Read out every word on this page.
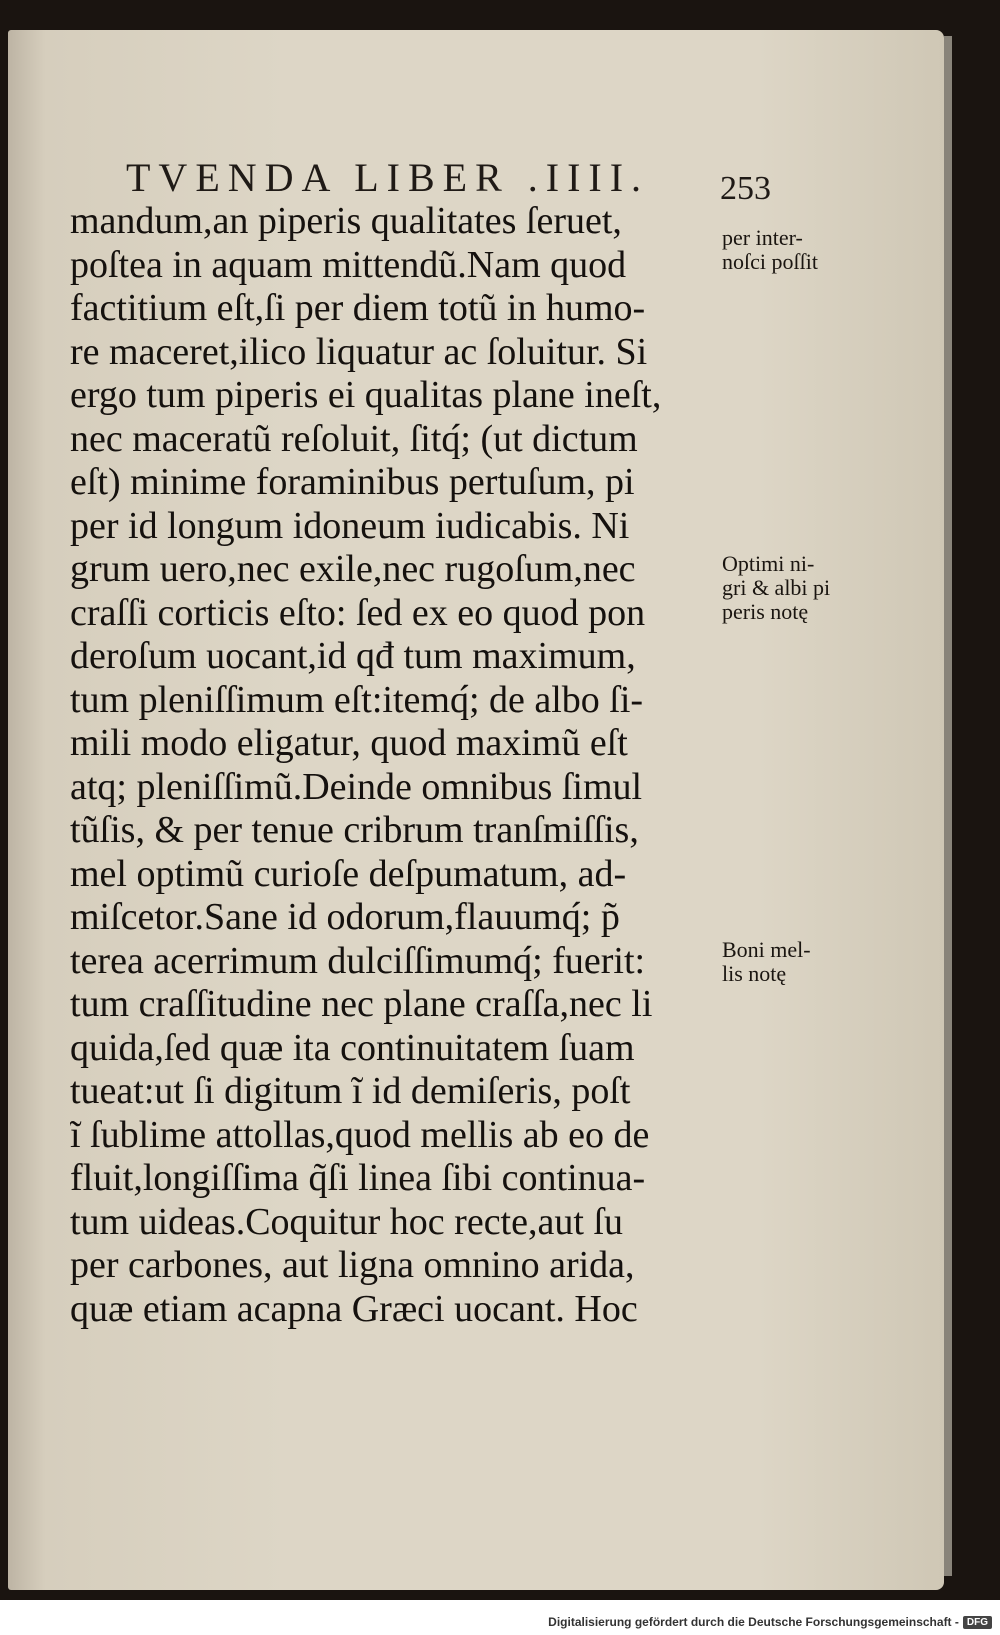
TVENDA LIBER .IIII. 253
mandum,an piperis qualitates ſeruet,
poſtea in aquam mittendũ.Nam quod
factitium eſt,ſi per diem totũ in humo-
re maceret,ilico liquatur ac ſoluitur. Si
ergo tum piperis ei qualitas plane ineſt,
nec maceratũ reſoluit, ſitq́; (ut dictum
eſt) minime foraminibus pertuſum, pi
per id longum idoneum iudicabis. Ni
grum uero,nec exile,nec rugoſum,nec
craſſi corticis eſto: ſed ex eo quod pon
deroſum uocant,id qđ tum maximum,
tum pleniſſimum eſt:itemq́; de albo ſi-
mili modo eligatur, quod maximũ eſt
atq; pleniſſimũ.Deinde omnibus ſimul
tũſis, & per tenue cribrum tranſmiſſis,
mel optimũ curioſe deſpumatum, ad-
miſcetor.Sane id odorum,flauumq́; p̃
terea acerrimum dulciſſimumq́; fuerit:
tum craſſitudine nec plane craſſa,nec li
quida,ſed quæ ita continuitatem ſuam
tueat:ut ſi digitum ĩ id demiſeris, poſt
ĩ ſublime attollas,quod mellis ab eo de
fluit,longiſſima q̃ſi linea ſibi continua-
tum uideas.Coquitur hoc recte,aut ſu
per carbones, aut ligna omnino arida,
quæ etiam acapna Græci uocant. Hoc
per inter-
noſci poſſit
Optimi ni-
gri & albi pi
peris notę
Boni mel-
lis notę
Digitalisierung gefördert durch die Deutsche Forschungsgemeinschaft - DFG
